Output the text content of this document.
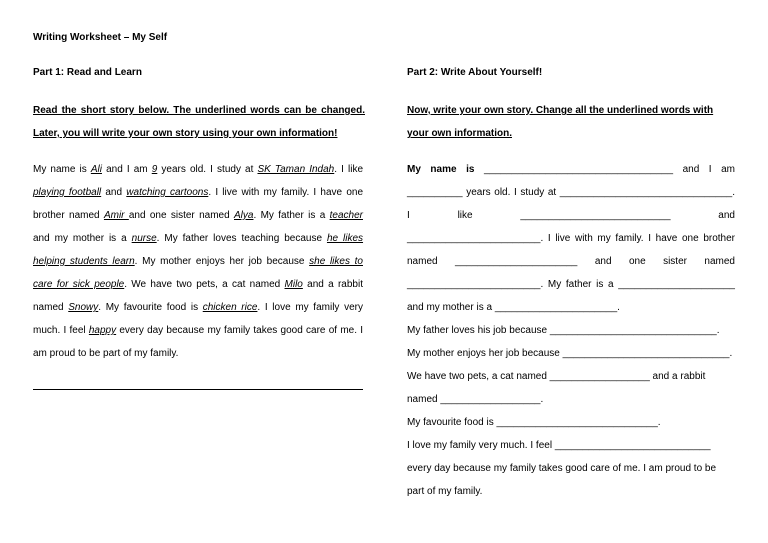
Writing Worksheet – My Self
Part 1: Read and Learn
Read the short story below. The underlined words can be changed. Later, you will write your own story using your own information!
My name is Ali and I am 9 years old. I study at SK Taman Indah. I like playing football and watching cartoons. I live with my family. I have one brother named Amir and one sister named Alya. My father is a teacher and my mother is a nurse. My father loves teaching because he likes helping students learn. My mother enjoys her job because she likes to care for sick people. We have two pets, a cat named Milo and a rabbit named Snowy. My favourite food is chicken rice. I love my family very much. I feel happy every day because my family takes good care of me. I am proud to be part of my family.
Part 2: Write About Yourself!
Now, write your own story. Change all the underlined words with your own information.

My name is __________________________________ and I am __________ years old. I study at _______________________________. I like ___________________________ and ________________________. I live with my family. I have one brother named ______________________ and one sister named ________________________. My father is a _____________________ and my mother is a ______________________.

My father loves his job because ______________________________.

My mother enjoys her job because ______________________________.

We have two pets, a cat named __________________ and a rabbit named __________________.

My favourite food is _____________________________.

I love my family very much. I feel ____________________________ every day because my family takes good care of me. I am proud to be part of my family.
